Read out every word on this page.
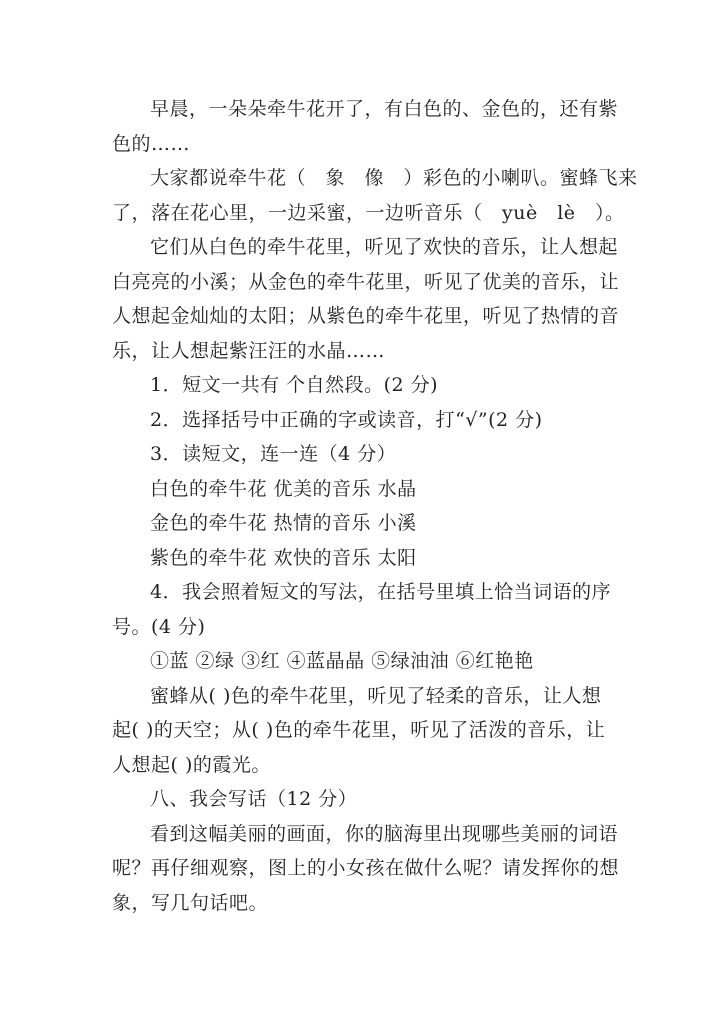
早晨，一朵朵牵牛花开了，有白色的、金色的，还有紫
色的……
大家都说牵牛花（　象　像　）彩色的小喇叭。蜜蜂飞来
了，落在花心里，一边采蜜，一边听音乐（　yuè　lè　）。
它们从白色的牵牛花里，听见了欢快的音乐，让人想起
白亮亮的小溪；从金色的牵牛花里，听见了优美的音乐，让
人想起金灿灿的太阳；从紫色的牵牛花里，听见了热情的音
乐，让人想起紫汪汪的水晶……
1．短文一共有 个自然段。(2 分)
2．选择括号中正确的字或读音，打“√”(2 分)
3．读短文，连一连（4 分）
白色的牵牛花 优美的音乐 水晶
金色的牵牛花 热情的音乐 小溪
紫色的牵牛花 欢快的音乐 太阳
4．我会照着短文的写法，在括号里填上恰当词语的序
号。(4 分)
①蓝 ②绿 ③红 ④蓝晶晶 ⑤绿油油 ⑥红艳艳
蜜蜂从( )色的牵牛花里，听见了轻柔的音乐，让人想
起( )的天空；从( )色的牵牛花里，听见了活泼的音乐，让
人想起( )的霞光。
八、我会写话（12 分）
看到这幅美丽的画面，你的脑海里出现哪些美丽的词语
呢？再仔细观察，图上的小女孩在做什么呢？请发挥你的想
象，写几句话吧。
